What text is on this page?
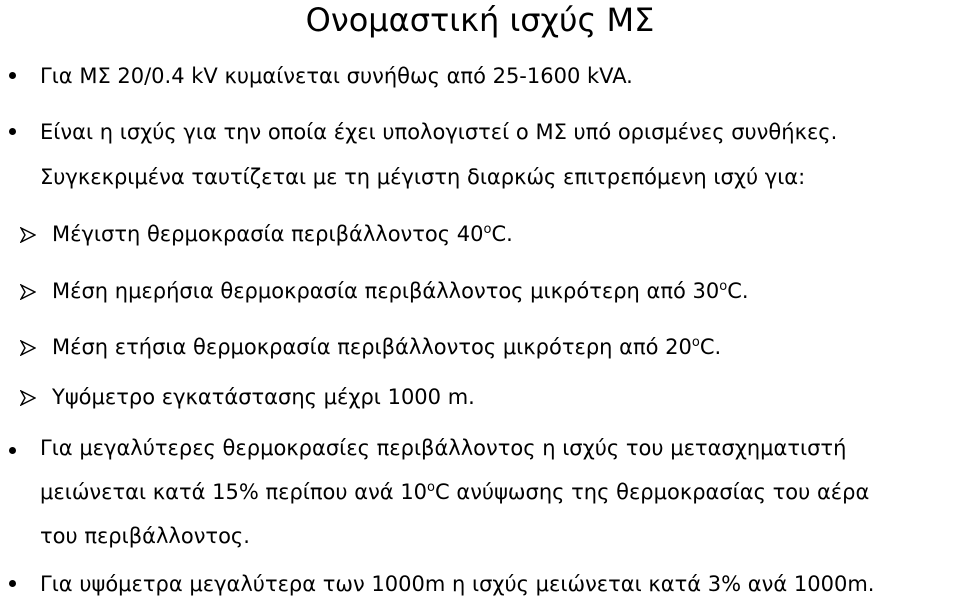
Ονομαστική ισχύς ΜΣ
Για ΜΣ 20/0.4 kV κυμαίνεται συνήθως από 25-1600 kVA.
Είναι η ισχύς για την οποία έχει υπολογιστεί ο ΜΣ υπό ορισμένες συνθήκες.
Συγκεκριμένα ταυτίζεται με τη μέγιστη διαρκώς επιτρεπόμενη ισχύ για:
Μέγιστη θερμοκρασία περιβάλλοντος $40^oC$.
Μέση ημερήσια θερμοκρασία περιβάλλοντος μικρότερη από $30^oC$.
Μέση ετήσια θερμοκρασία περιβάλλοντος μικρότερη από $20^oC$.
Υψόμετρο εγκατάστασης μέχρι 1000 m.
Για μεγαλύτερες θερμοκρασίες περιβάλλοντος η ισχύς του μετασχηματιστή
μειώνεται κατά 15% περίπου ανά $10^oC$ ανύψωσης της θερμοκρασίας του αέρα
του περιβάλλοντος.
Για υψόμετρα μεγαλύτερα των 1000m η ισχύς μειώνεται κατά 3% ανά 1000m.
